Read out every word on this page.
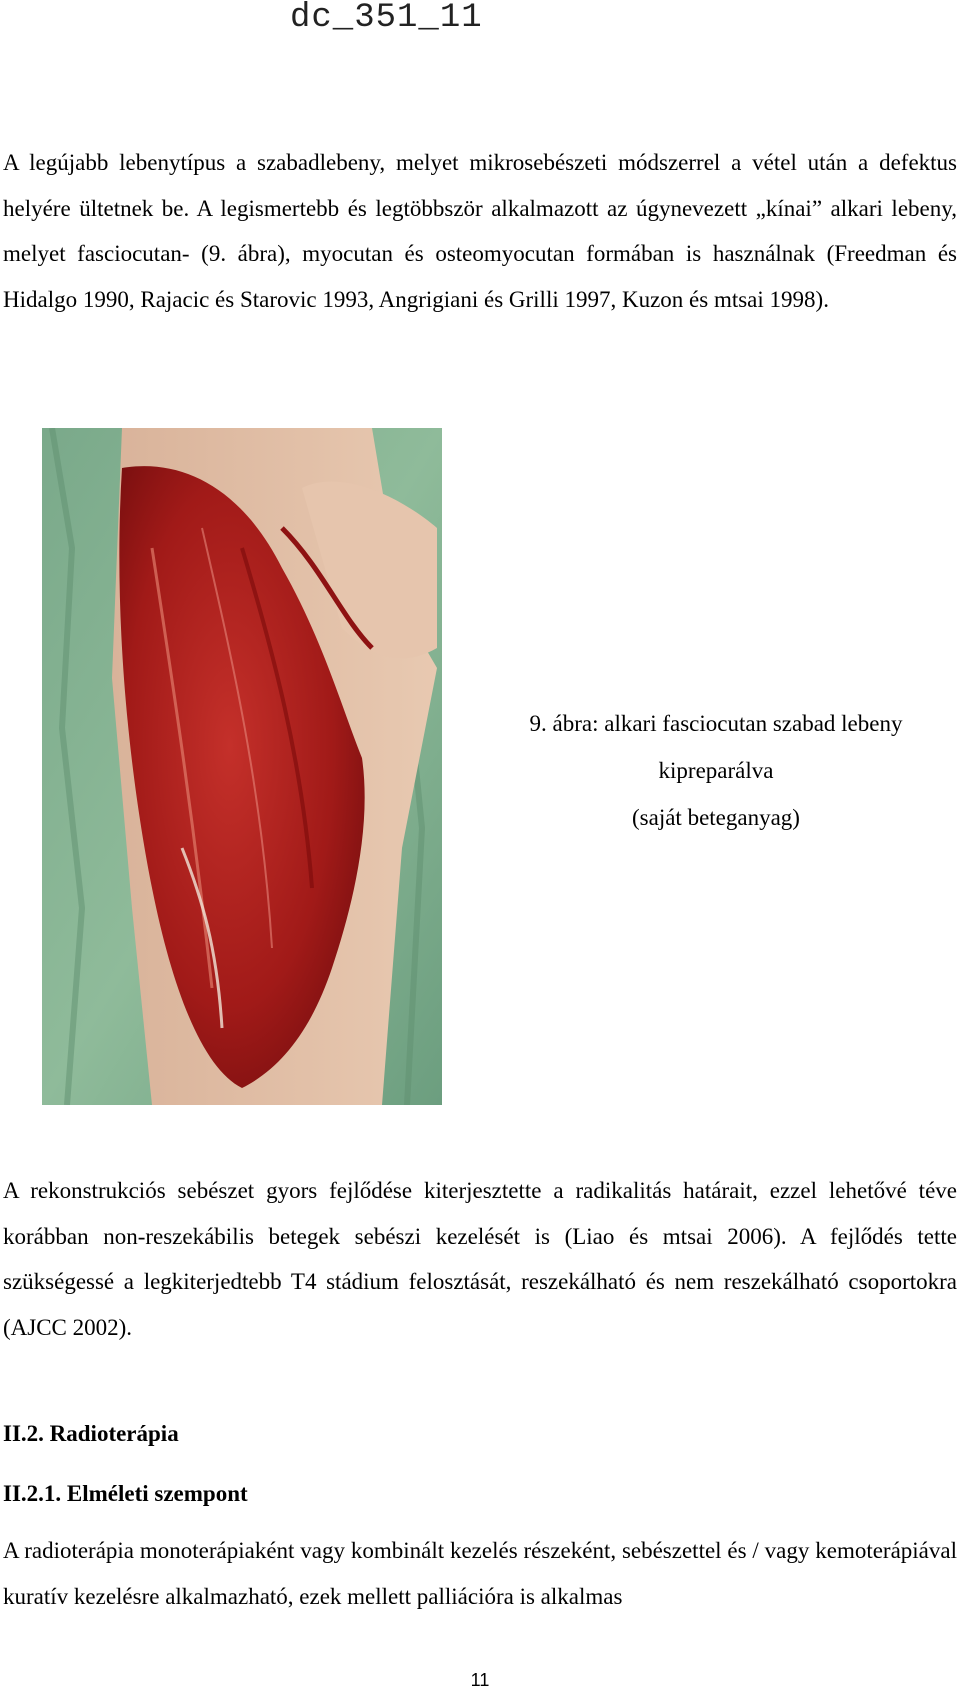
dc_351_11

A legújabb lebenytípus a szabadlebeny, melyet mikrosebészeti módszerrel a vétel után a defektus helyére ültetnek be. A legismertebb és legtöbbször alkalmazott az úgynevezett „kínai” alkari lebeny, melyet fasciocutan- (9. ábra), myocutan és osteomyocutan formában is használnak (Freedman és Hidalgo 1990, Rajacic és Starovic 1993, Angrigiani és Grilli 1997, Kuzon és mtsai 1998).

9. ábra: alkari fasciocutan szabad lebeny

kipreparálva

(saját beteganyag)

A rekonstrukciós sebészet gyors fejlődése kiterjesztette a radikalitás határait, ezzel lehetővé téve korábban non-reszekábilis betegek sebészi kezelését is (Liao és mtsai 2006). A fejlődés tette szükségessé a legkiterjedtebb T4 stádium felosztását, reszekálható és nem reszekálható csoportokra (AJCC 2002).

II.2. Radioterápia

II.2.1. Elméleti szempont

A radioterápia monoterápiaként vagy kombinált kezelés részeként, sebészettel és / vagy kemoterápiával kuratív kezelésre alkalmazható, ezek mellett palliációra is alkalmas

11
